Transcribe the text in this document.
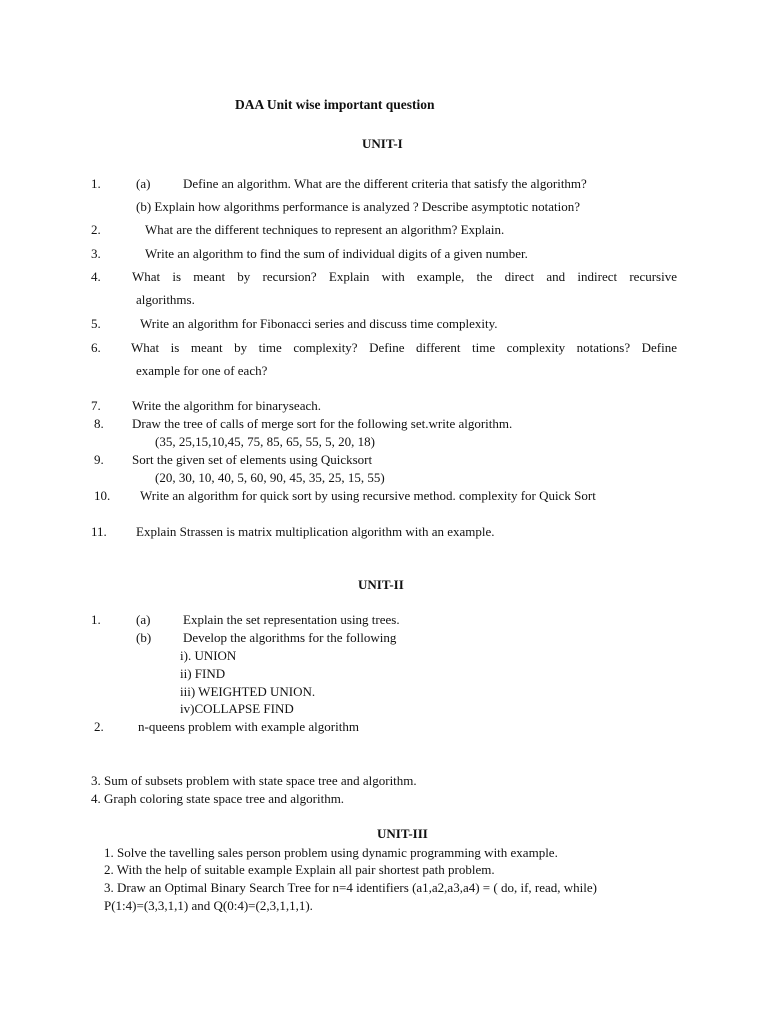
DAA Unit wise important question
UNIT-I
1.	(a)	Define an algorithm. What are the different criteria that satisfy the algorithm?
(b) Explain how algorithms performance is analyzed ? Describe asymptotic notation?
2.	What are the different techniques to represent an algorithm? Explain.
3.	Write an algorithm to find the sum of individual digits of a given number.
4. What is meant by recursion? Explain with example, the direct and indirect recursive
algorithms.
5.	Write an algorithm for Fibonacci series and discuss time complexity.
6. What is meant by time complexity? Define different time complexity notations? Define
example for one of each?
7. Write the algorithm for binaryseach.
8. Draw the tree of calls of merge sort for the following set.write algorithm.
(35, 25,15,10,45, 75, 85, 65, 55, 5, 20, 18)
9. Sort the given set of elements using Quicksort
(20, 30, 10, 40, 5, 60, 90, 45, 35, 25, 15, 55)
10. Write an algorithm for quick sort by using recursive method. complexity for Quick Sort
11. Explain Strassen is matrix multiplication algorithm with an example.
UNIT-II
1.	(a)	Explain the set representation using trees.
(b) Develop the algorithms for the following
i). UNION
ii) FIND
iii) WEIGHTED UNION.
iv)COLLAPSE FIND
2.	n-queens problem with example algorithm
3. Sum of subsets problem with state space tree and algorithm.
4. Graph coloring state space tree and algorithm.
UNIT-III
1. Solve the tavelling sales person problem using dynamic programming with example.
2. With the help of suitable example Explain all pair shortest path problem.
3. Draw an Optimal Binary Search Tree for n=4 identifiers (a1,a2,a3,a4) = ( do, if, read, while)
P(1:4)=(3,3,1,1) and Q(0:4)=(2,3,1,1,1).
